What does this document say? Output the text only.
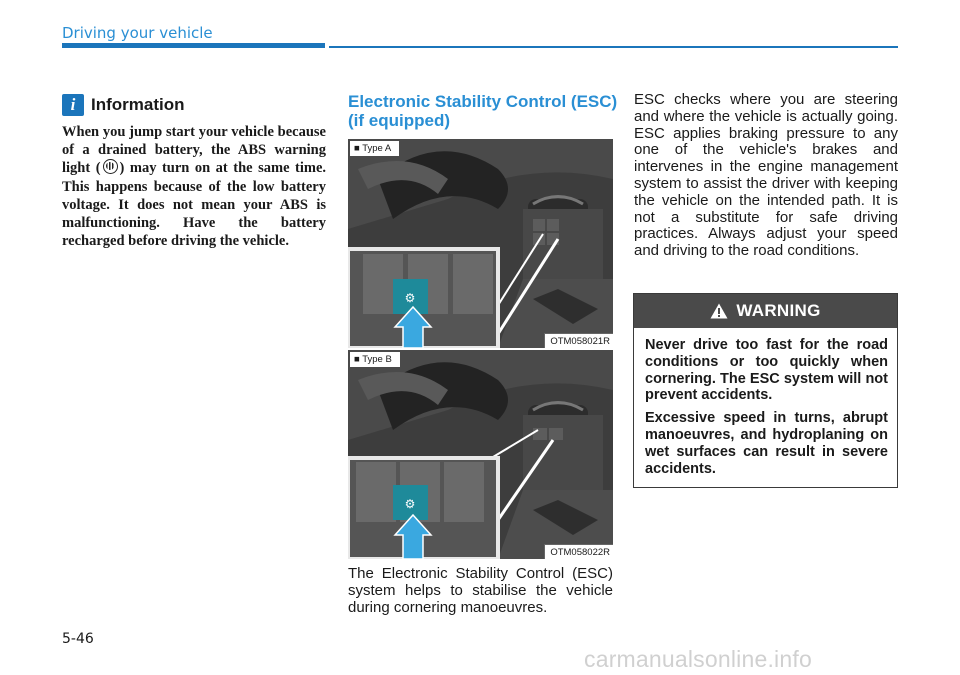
Driving your vehicle
i Information
When you jump start your vehicle because of a drained battery, the ABS warning light ( ) may turn on at the same time. This happens because of the low battery voltage. It does not mean your ABS is malfunctioning. Have the battery recharged before driving the vehicle.
Electronic Stability Control (ESC) (if equipped)
⚙
■ Type A
OTM058021R
⚙
■ Type B
OTM058022R
The Electronic Stability Control (ESC) system helps to stabilise the vehicle during cornering manoeuvres.
ESC checks where you are steering and where the vehicle is actually going. ESC applies braking pressure to any one of the vehicle's brakes and intervenes in the engine management system to assist the driver with keeping the vehicle on the intended path. It is not a substitute for safe driving practices. Always adjust your speed and driving to the road conditions.
WARNING

Never drive too fast for the road conditions or too quickly when cornering. The ESC system will not prevent accidents.

Excessive speed in turns, abrupt manoeuvres, and hydroplaning on wet surfaces can result in severe accidents.

5-46
carmanualsonline.info
